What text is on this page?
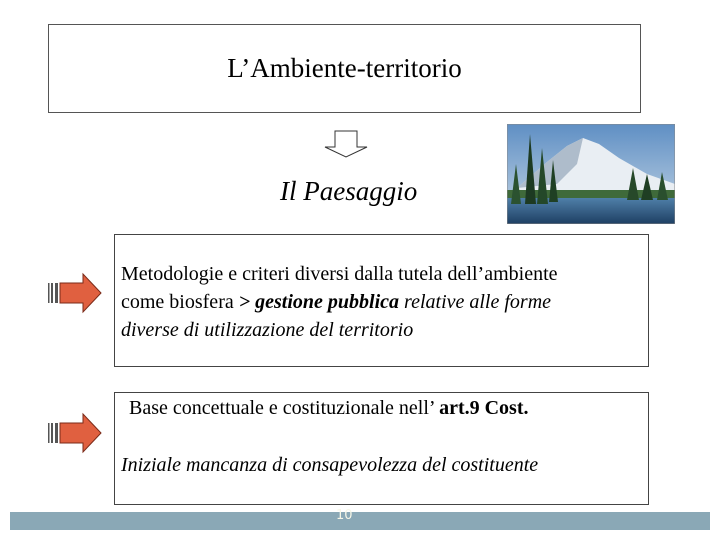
L’Ambiente-territorio
Il Paesaggio
Metodologie e criteri diversi dalla tutela dell’ambiente
come biosfera > gestione pubblica relative alle forme
diverse di utilizzazione del territorio
Base concettuale e costituzionale nell’ art.9 Cost.
Iniziale mancanza di consapevolezza del costituente
10
